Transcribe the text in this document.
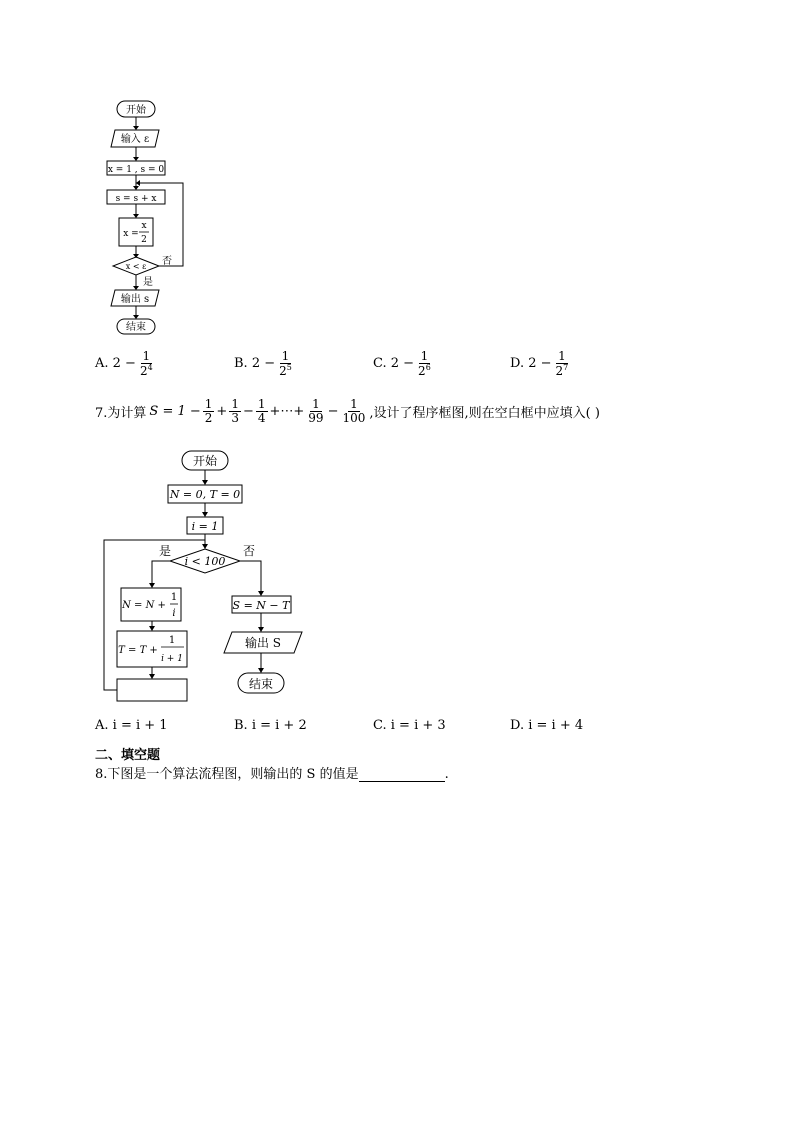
开始
输入 ε
x = 1 , s = 0
s = s + x
x =
x
2
x < ε 否
是
输出 s
结束
A. $2 - \frac{1}{2^4}$	B. $2 - \frac{1}{2^5}$	C. $2 - \frac{1}{2^6}$	D. $2 - \frac{1}{2^7}$
7.为计算 $S = 1 - \frac{1}{2} + \frac{1}{3} - \frac{1}{4}$ +⋯+ $\frac{1}{99} - \frac{1}{100}$ ,设计了程序框图,则在空白框中应填入( )
开始
N = 0, T = 0
i = 1
i < 100
是	否
N = N +
1
i
T = T +
1
i + 1
S = N − T
输出 S
结束
A. i = i + 1	B. i = i + 2	C. i = i + 3	D. i = i + 4
二、填空题
8.下图是一个算法流程图，则输出的 S 的值是	.
